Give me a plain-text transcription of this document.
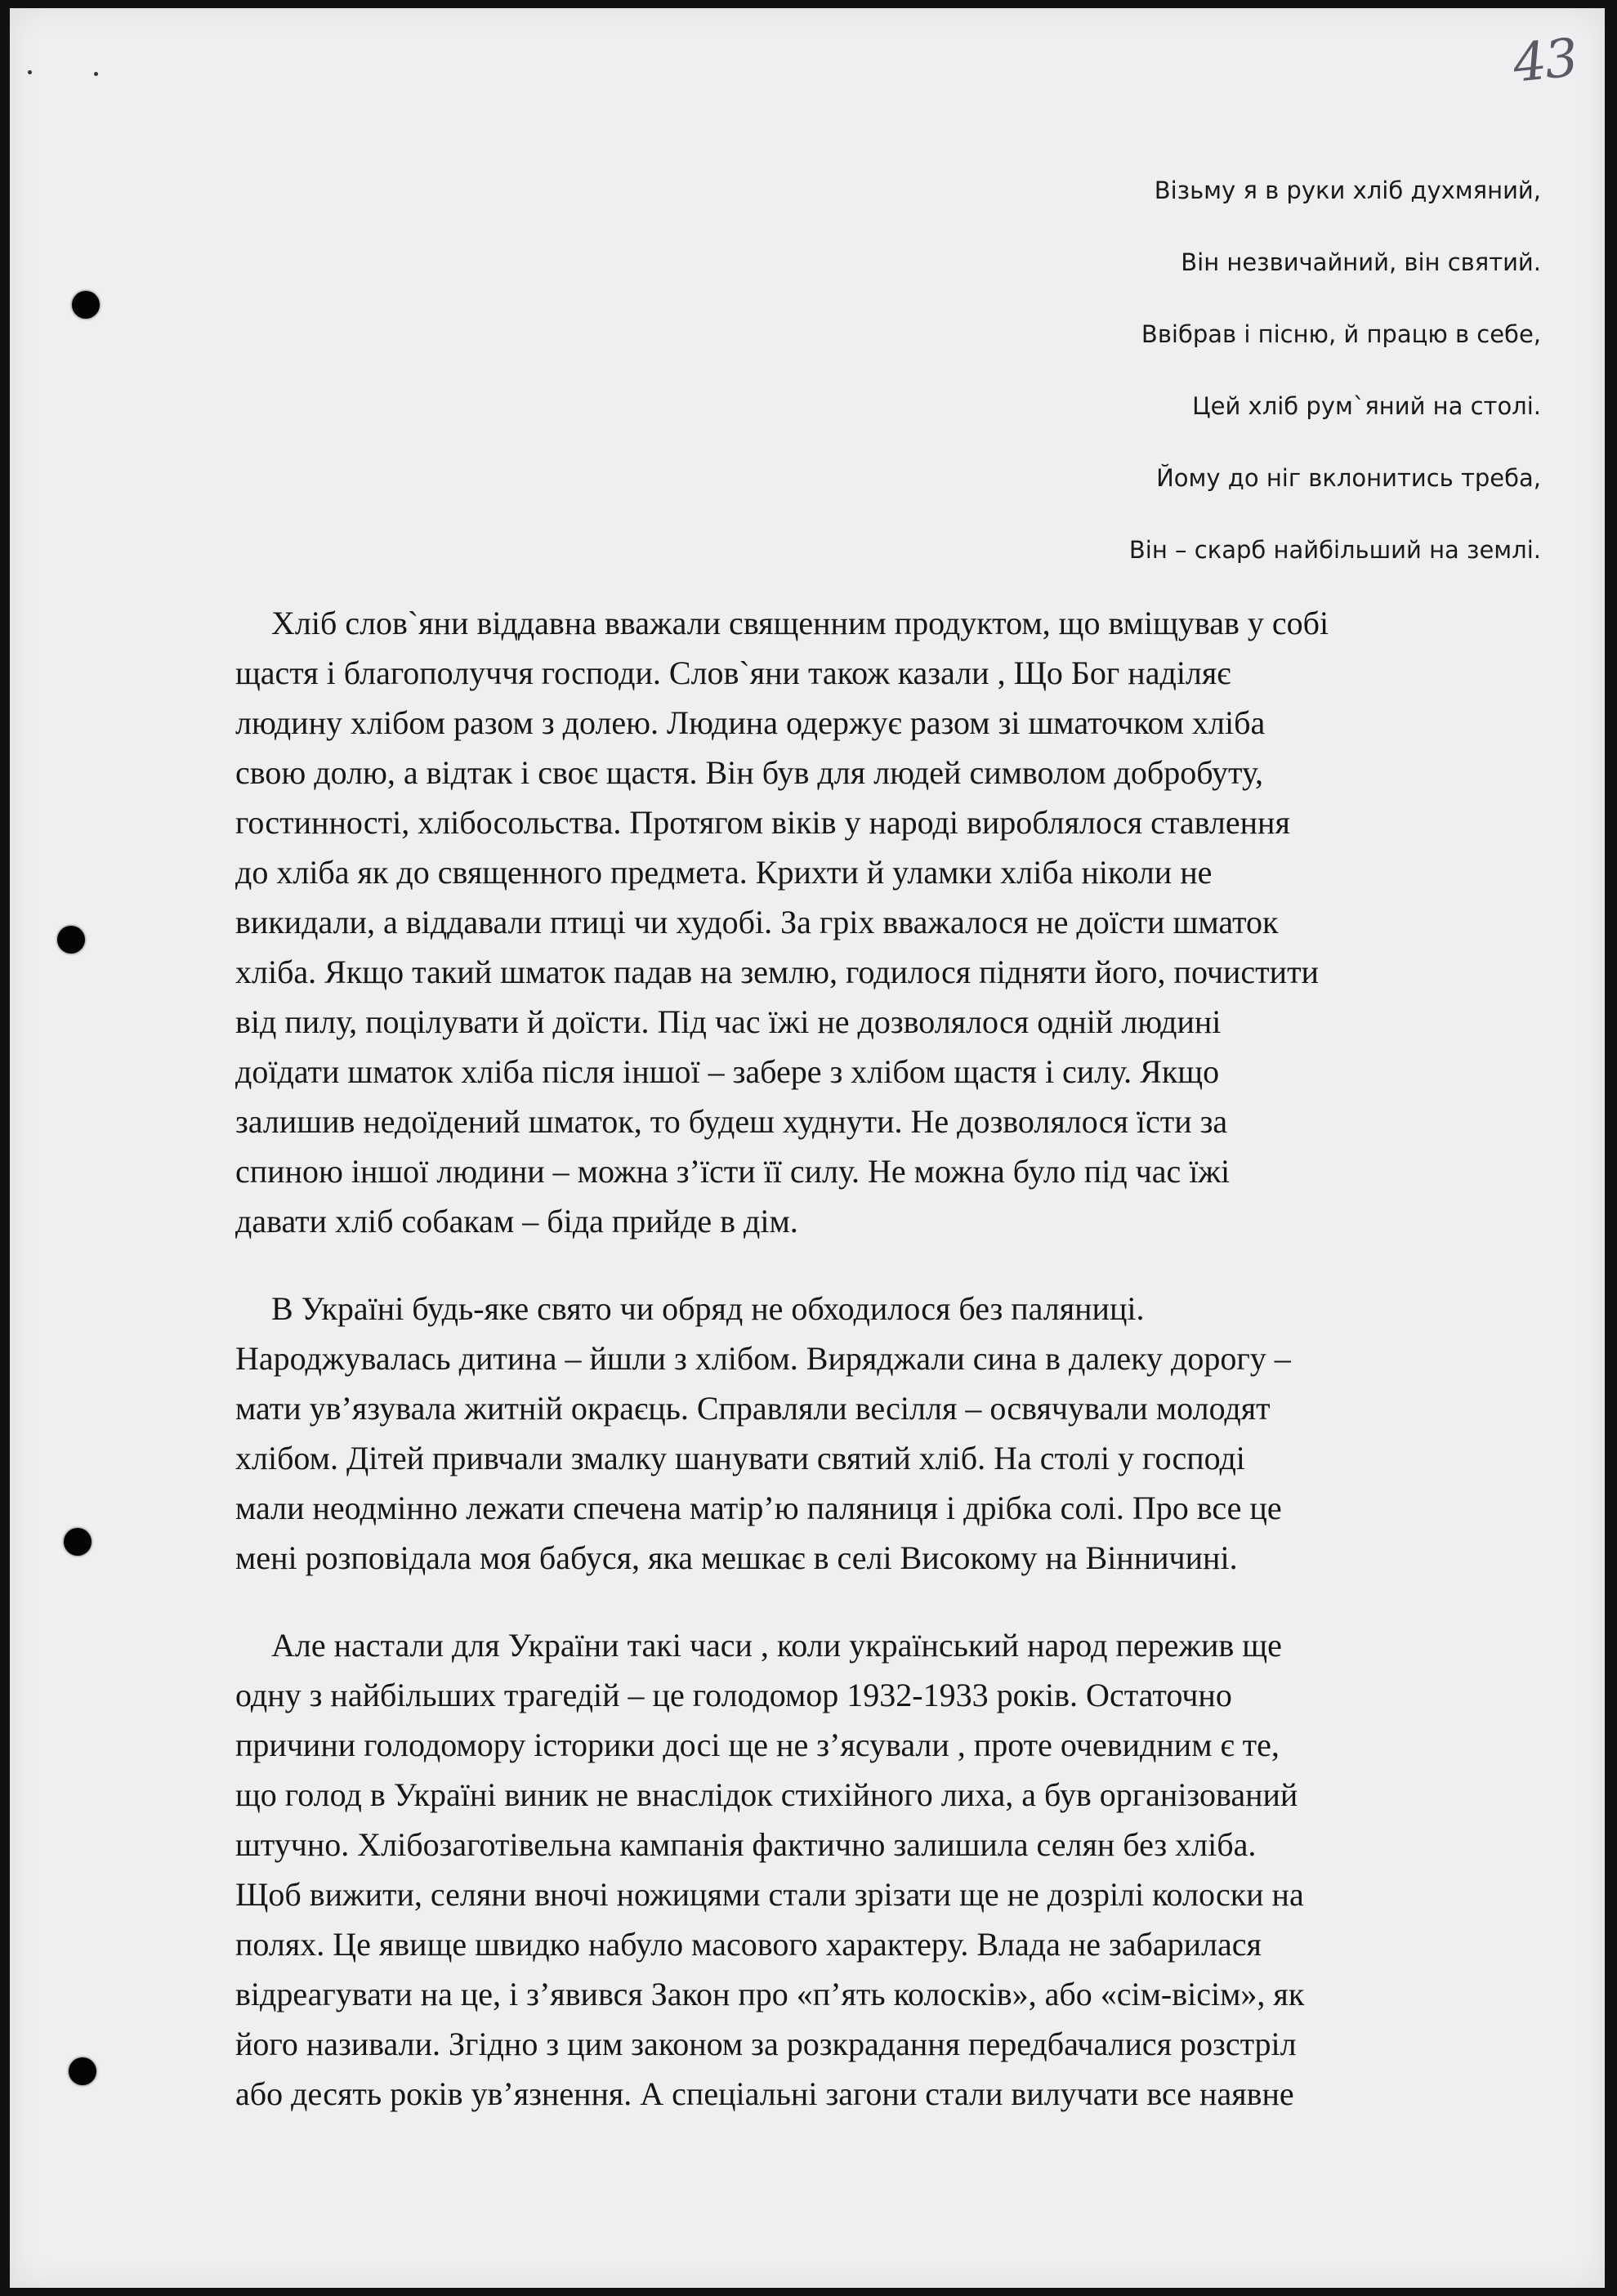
43
Візьму я в руки хліб духмяний,
Він незвичайний, він святий.
Ввібрав і пісню, й працю в себе,
Цей хліб рум`яний на столі.
Йому до ніг вклонитись треба,
Він – скарб найбільший на землі.
Хліб слов`яни віддавна вважали священним продуктом, що вміщував у собі
щастя і благополуччя господи. Слов`яни також казали , Що Бог наділяє
людину хлібом разом з долею. Людина одержує разом зі шматочком хліба
свою долю, а відтак і своє щастя. Він був для людей символом добробуту,
гостинності, хлібосольства. Протягом віків у народі вироблялося ставлення
до хліба як до священного предмета. Крихти й уламки хліба ніколи не
викидали, а віддавали птиці чи худобі. За гріх вважалося не доїсти шматок
хліба. Якщо такий шматок падав на землю, годилося підняти його, почистити
від пилу, поцілувати й доїсти. Під час їжі не дозволялося одній людині
доїдати шматок хліба після іншої – забере з хлібом щастя і силу. Якщо
залишив недоїдений шматок, то будеш худнути. Не дозволялося їсти за
спиною іншої людини – можна з’їсти її силу. Не можна було під час їжі
давати хліб собакам – біда прийде в дім.
В Україні будь-яке свято чи обряд не обходилося без паляниці.
Народжувалась дитина – йшли з хлібом. Виряджали сина в далеку дорогу –
мати ув’язувала житній окраєць. Справляли весілля – освячували молодят
хлібом. Дітей привчали змалку шанувати святий хліб. На столі у господі
мали неодмінно лежати спечена матір’ю паляниця і дрібка солі. Про все це
мені розповідала моя бабуся, яка мешкає в селі Високому на Вінничині.
Але настали для України такі часи , коли український народ пережив ще
одну з найбільших трагедій – це голодомор 1932-1933 років. Остаточно
причини голодомору історики досі ще не з’ясували , проте очевидним є те,
що голод в Україні виник не внаслідок стихійного лиха, а був організований
штучно. Хлібозаготівельна кампанія фактично залишила селян без хліба.
Щоб вижити, селяни вночі ножицями стали зрізати ще не дозрілі колоски на
полях. Це явище швидко набуло масового характеру. Влада не забарилася
відреагувати на це, і з’явився Закон про «п’ять колосків», або «сім-вісім», як
його називали. Згідно з цим законом за розкрадання передбачалися розстріл
або десять років ув’язнення. А спеціальні загони стали вилучати все наявне
